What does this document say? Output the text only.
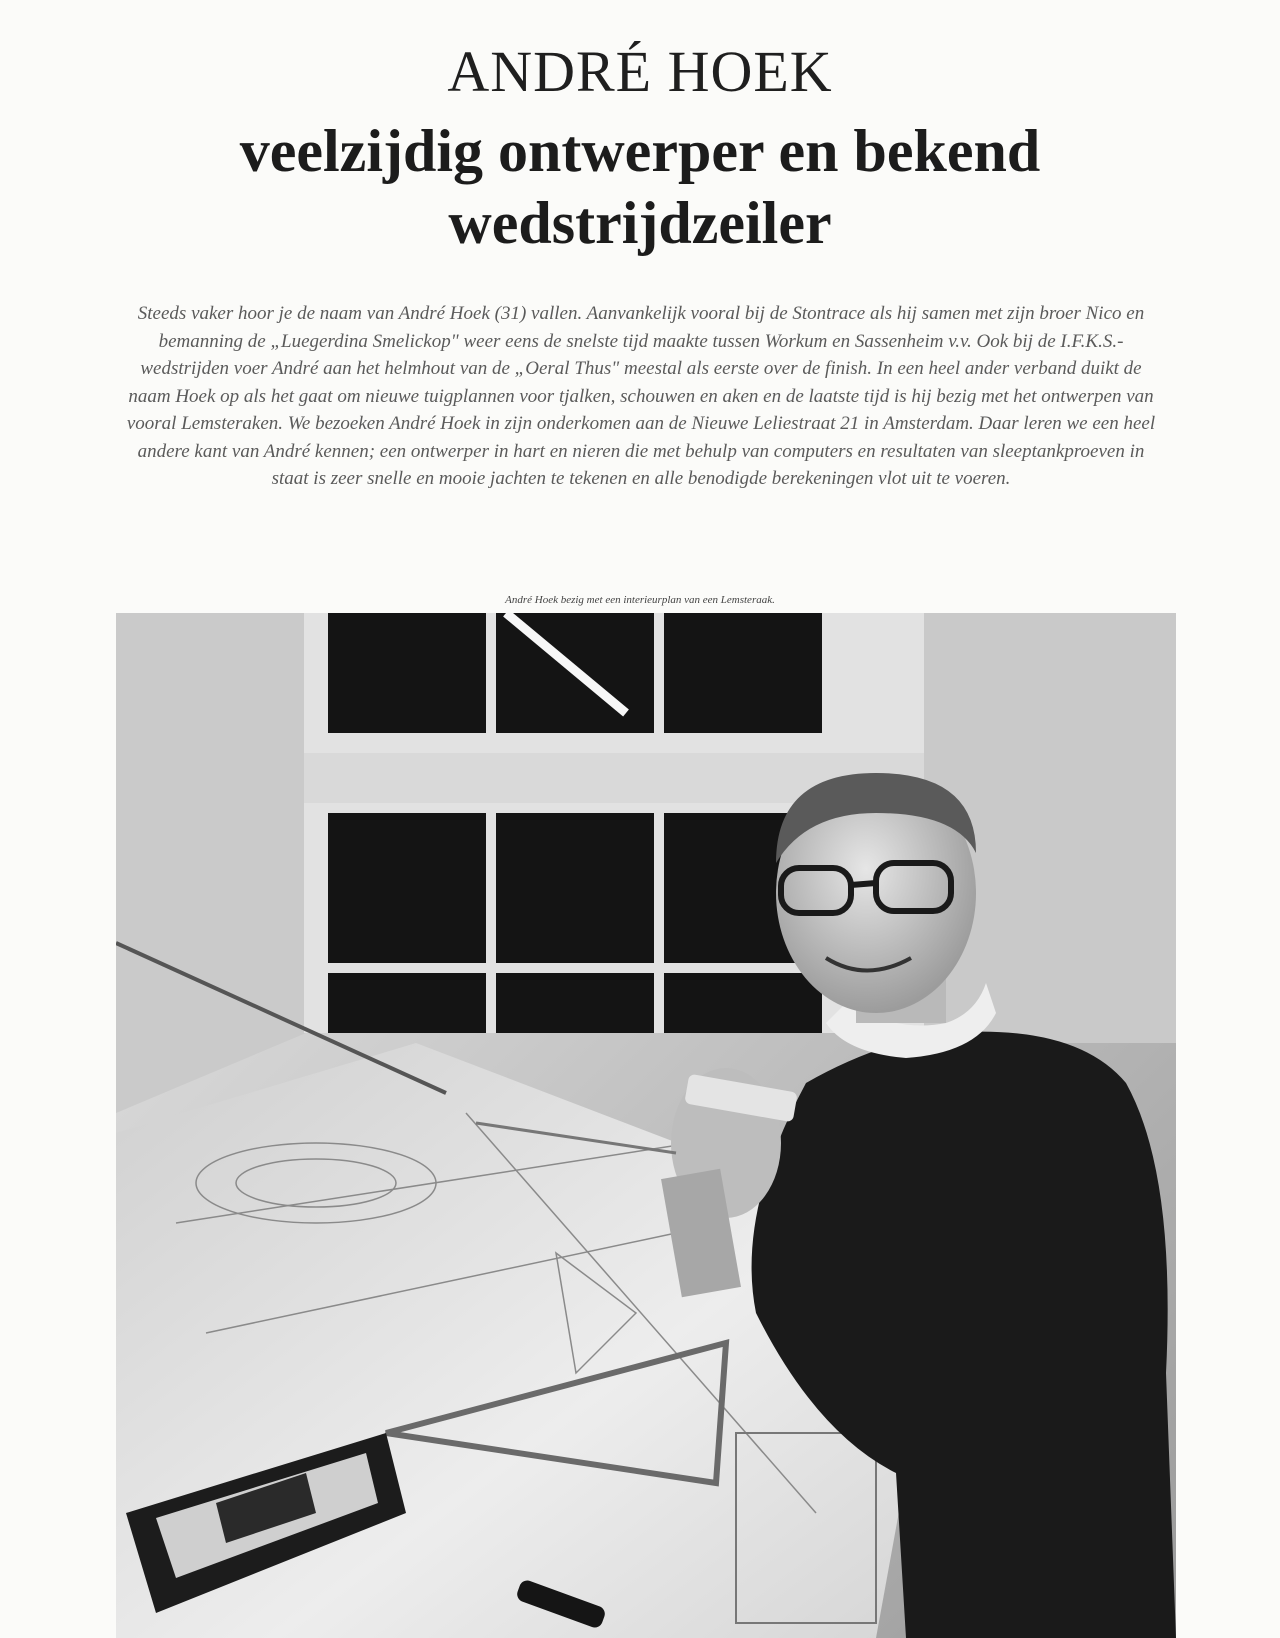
ANDRÉ HOEK
veelzijdig ontwerper en bekend wedstrijdzeiler

Steeds vaker hoor je de naam van André Hoek (31) vallen. Aanvankelijk vooral bij de Stontrace als hij samen met zijn broer Nico en bemanning de „Luegerdina Smelickop" weer eens de snelste tijd maakte tussen Workum en Sassenheim v.v. Ook bij de I.F.K.S.-wedstrijden voer André aan het helmhout van de „Oeral Thus" meestal als eerste over de finish. In een heel ander verband duikt de naam Hoek op als het gaat om nieuwe tuigplannen voor tjalken, schouwen en aken en de laatste tijd is hij bezig met het ontwerpen van vooral Lemsteraken. We bezoeken André Hoek in zijn onderkomen aan de Nieuwe Leliestraat 21 in Amsterdam. Daar leren we een heel andere kant van André kennen; een ontwerper in hart en nieren die met behulp van computers en resultaten van sleeptankproeven in staat is zeer snelle en mooie jachten te tekenen en alle benodigde berekeningen vlot uit te voeren.

André Hoek bezig met een interieurplan van een Lemsteraak.
